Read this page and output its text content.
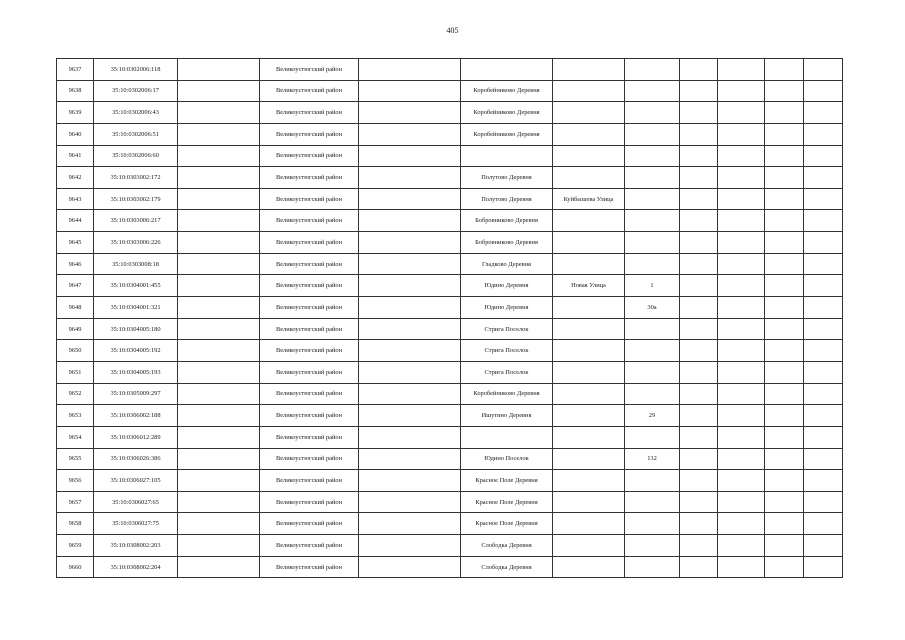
405
9637	35:10:0302006:118		Великоустюгский район								
9638	35:10:0302006:17		Великоустюгский район		Коробейниково Деревня						
9639	35:10:0302006:43		Великоустюгский район		Коробейниково Деревня						
9640	35:10:0302006:51		Великоустюгский район		Коробейниково Деревня						
9641	35:10:0302006:60		Великоустюгский район								
9642	35:10:0303002:172		Великоустюгский район		Полутово Деревня						
9643	35:10:0303002:179		Великоустюгский район		Полутово Деревня	Куйбышева Улица					
9644	35:10:0303006:217		Великоустюгский район		Бобровниково Деревня						
9645	35:10:0303006:226		Великоустюгский район		Бобровниково Деревня						
9646	35:10:0303008:18		Великоустюгский район		Гладково Деревня						
9647	35:10:0304001:455		Великоустюгский район		Юдино Деревня	Новая Улица	1				
9648	35:10:0304001:321		Великоустюгский район		Юдино Деревня		30а				
9649	35:10:0304005:180		Великоустюгский район		Стрига Поселок						
9650	35:10:0304005:192		Великоустюгский район		Стрига Поселок						
9651	35:10:0304005:193		Великоустюгский район		Стрига Поселок						
9652	35:10:0305009:297		Великоустюгский район		Коробейниково Деревня						
9653	35:10:0306002:188		Великоустюгский район		Ишутино Деревня		29				
9654	35:10:0306012:289		Великоустюгский район								
9655	35:10:0306026:386		Великоустюгский район		Юдино Поселок		132				
9656	35:10:0306027:105		Великоустюгский район		Красное Поле Деревня						
9657	35:10:0306027:65		Великоустюгский район		Красное Поле Деревня						
9658	35:10:0306027:75		Великоустюгский район		Красное Поле Деревня						
9659	35:10:0308002:203		Великоустюгский район		Слободка Деревня						
9660	35:10:0308002:204		Великоустюгский район		Слободка Деревня						
